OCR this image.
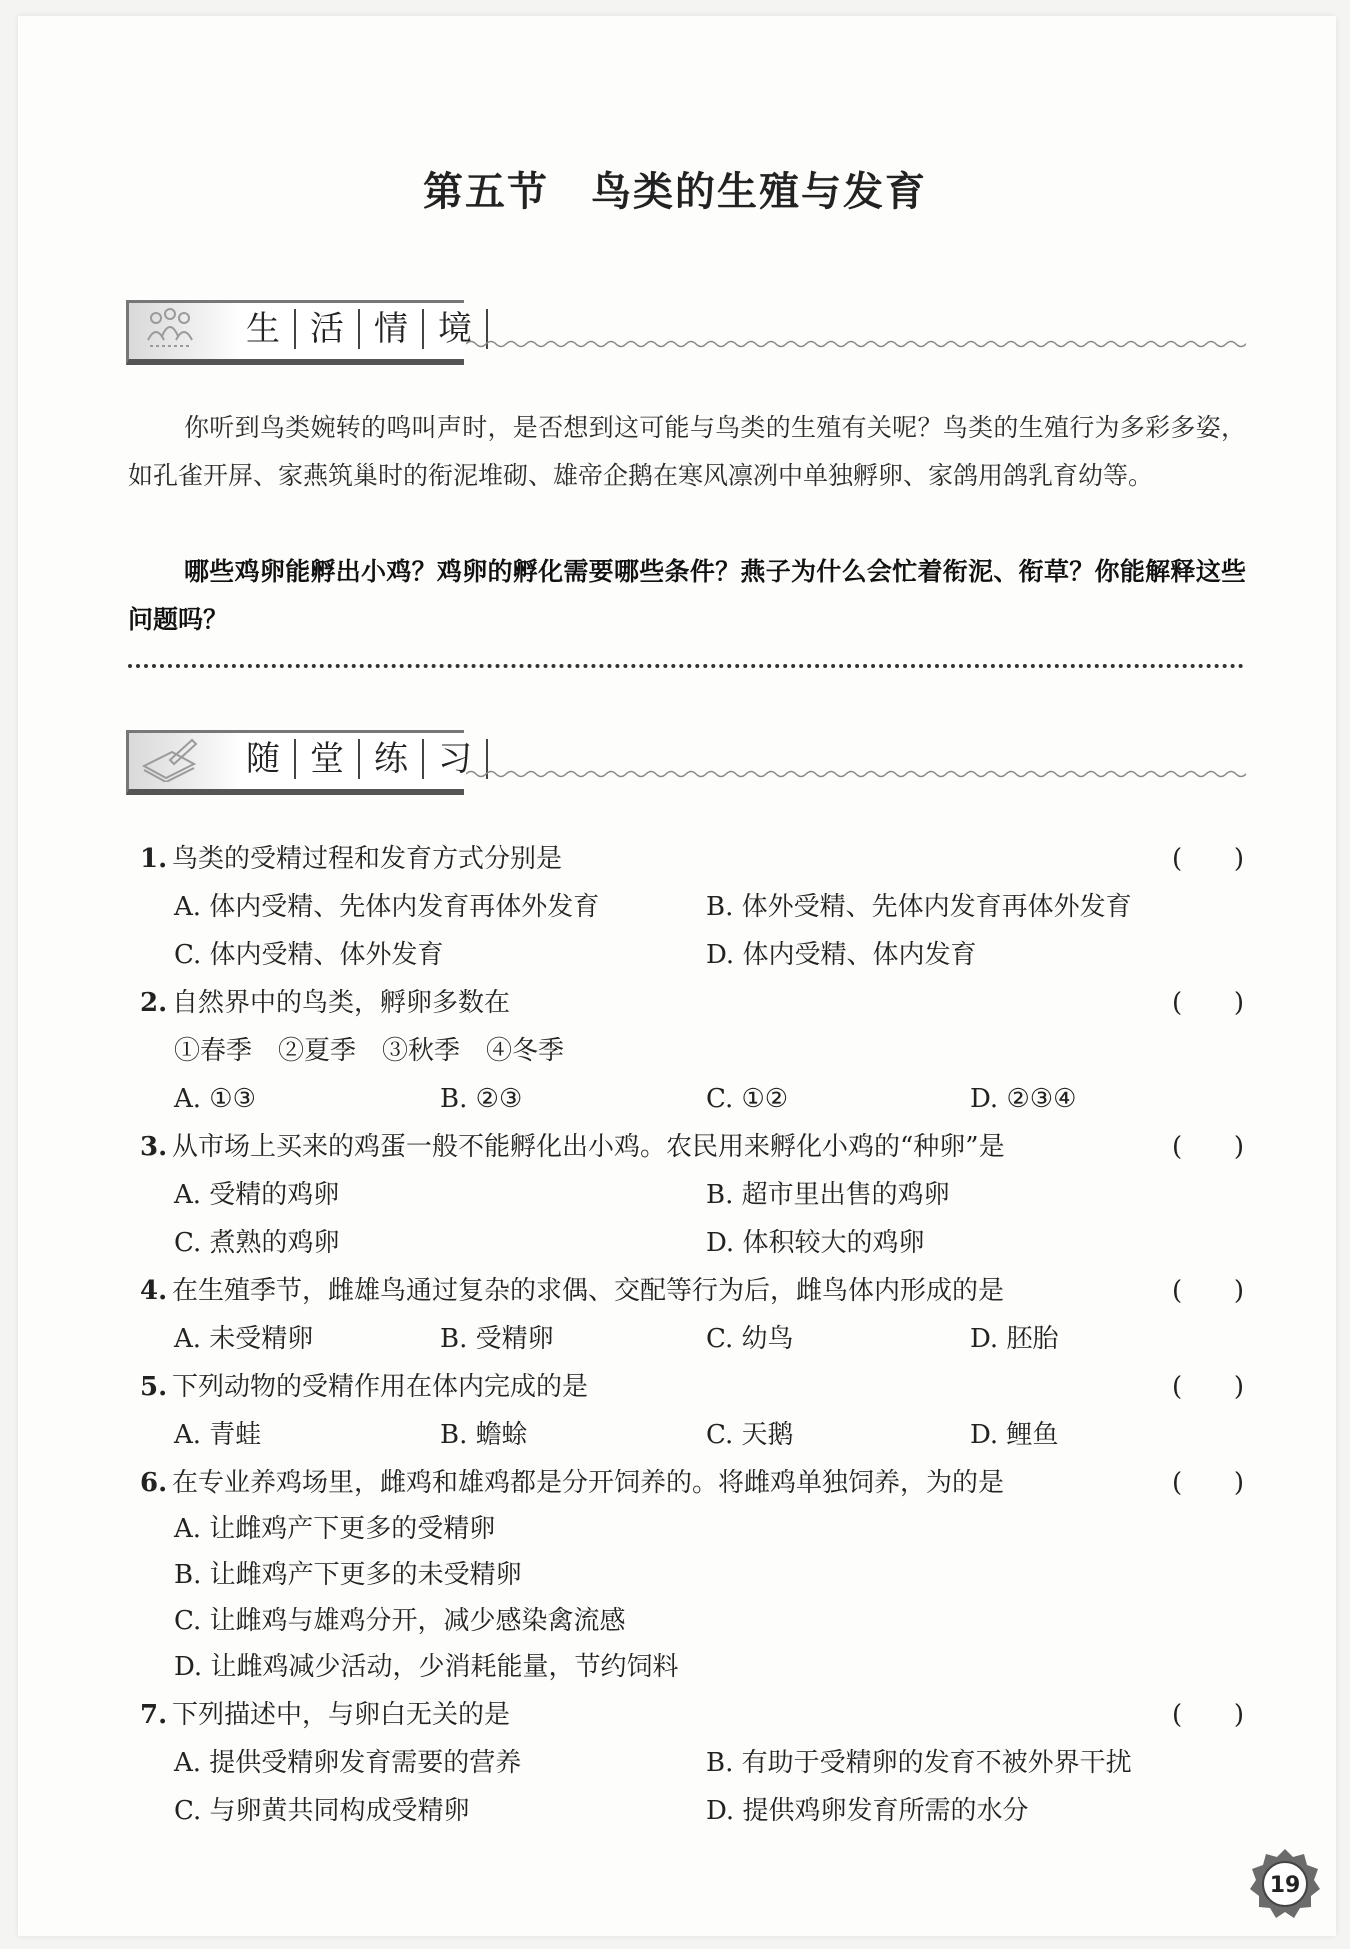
第五节 鸟类的生殖与发育
生 活 情 境
你听到鸟类婉转的鸣叫声时，是否想到这可能与鸟类的生殖有关呢？鸟类的生殖行为多彩多姿，如孔雀开屏、家燕筑巢时的衔泥堆砌、雄帝企鹅在寒风凛冽中单独孵卵、家鸽用鸽乳育幼等。
哪些鸡卵能孵出小鸡？鸡卵的孵化需要哪些条件？燕子为什么会忙着衔泥、衔草？你能解释这些问题吗？
随 堂 练 习
1. 鸟类的受精过程和发育方式分别是	( )
A. 体内受精、先体内发育再体外发育	B. 体外受精、先体内发育再体外发育
C. 体内受精、体外发育	D. 体内受精、体内发育
2. 自然界中的鸟类，孵卵多数在	( )
①春季　②夏季　③秋季　④冬季
A. ①③	B. ②③	C. ①②	D. ②③④
3. 从市场上买来的鸡蛋一般不能孵化出小鸡。农民用来孵化小鸡的“种卵”是	( )
A. 受精的鸡卵	B. 超市里出售的鸡卵
C. 煮熟的鸡卵	D. 体积较大的鸡卵
4. 在生殖季节，雌雄鸟通过复杂的求偶、交配等行为后，雌鸟体内形成的是	( )
A. 未受精卵	B. 受精卵	C. 幼鸟	D. 胚胎
5. 下列动物的受精作用在体内完成的是	( )
A. 青蛙	B. 蟾蜍	C. 天鹅	D. 鲤鱼
6. 在专业养鸡场里，雌鸡和雄鸡都是分开饲养的。将雌鸡单独饲养，为的是	( )
A. 让雌鸡产下更多的受精卵
B. 让雌鸡产下更多的未受精卵
C. 让雌鸡与雄鸡分开，减少感染禽流感
D. 让雌鸡减少活动，少消耗能量，节约饲料
7. 下列描述中，与卵白无关的是	( )
A. 提供受精卵发育需要的营养	B. 有助于受精卵的发育不被外界干扰
C. 与卵黄共同构成受精卵	D. 提供鸡卵发育所需的水分
19
